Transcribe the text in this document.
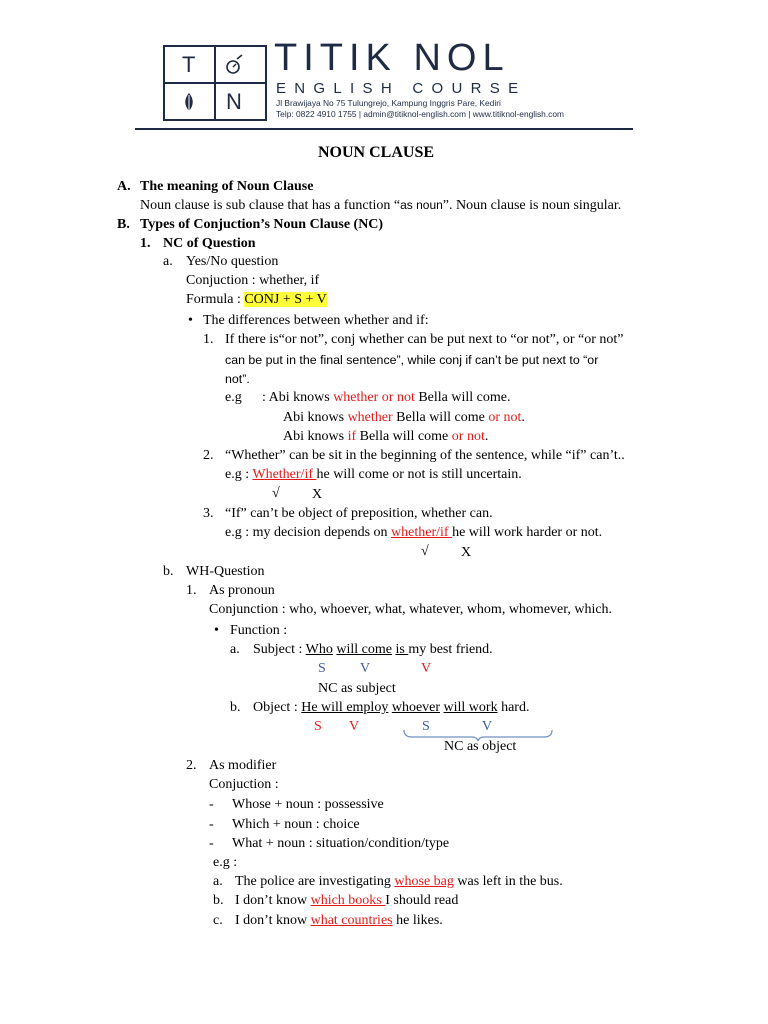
T
N
TITIK NOL
ENGLISH COURSE
Jl Brawijaya No 75 Tulungrejo, Kampung Inggris Pare, Kediri
Telp: 0822 4910 1755 | admin@titiknol-english.com | www.titiknol-english.com
NOUN CLAUSE
A. The meaning of Noun Clause
Noun clause is sub clause that has a function “as noun”. Noun clause is noun singular.
B. Types of Conjuction’s Noun Clause (NC)
1. NC of Question
a. Yes/No question
Conjuction : whether, if
Formula : CONJ + S + V
• The differences between whether and if:
1. If there is“or not”, conj whether can be put next to “or not”, or “or not”
can be put in the final sentence”, while conj if can’t be put next to “or
not”.
e.g : Abi knows whether or not Bella will come.
Abi knows whether Bella will come or not.
Abi knows if Bella will come or not.
2. “Whether” can be sit in the beginning of the sentence, while “if” can’t..
e.g : Whether/if he will come or not is still uncertain.
√ X
3. “If” can’t be object of preposition, whether can.
e.g : my decision depends on whether/if he will work harder or not.
√ X
b. WH-Question
1. As pronoun
Conjunction : who, whoever, what, whatever, whom, whomever, which.
• Function :
a. Subject : Who will come is my best friend.
S V	V
NC as subject
b. Object : He will employ whoever will work hard.
S V	S	V
NC as object
2. As modifier
Conjuction :
- Whose + noun : possessive
- Which + noun : choice
- What + noun : situation/condition/type
e.g :
a. The police are investigating whose bag was left in the bus.
b. I don’t know which books I should read
c. I don’t know what countries he likes.
